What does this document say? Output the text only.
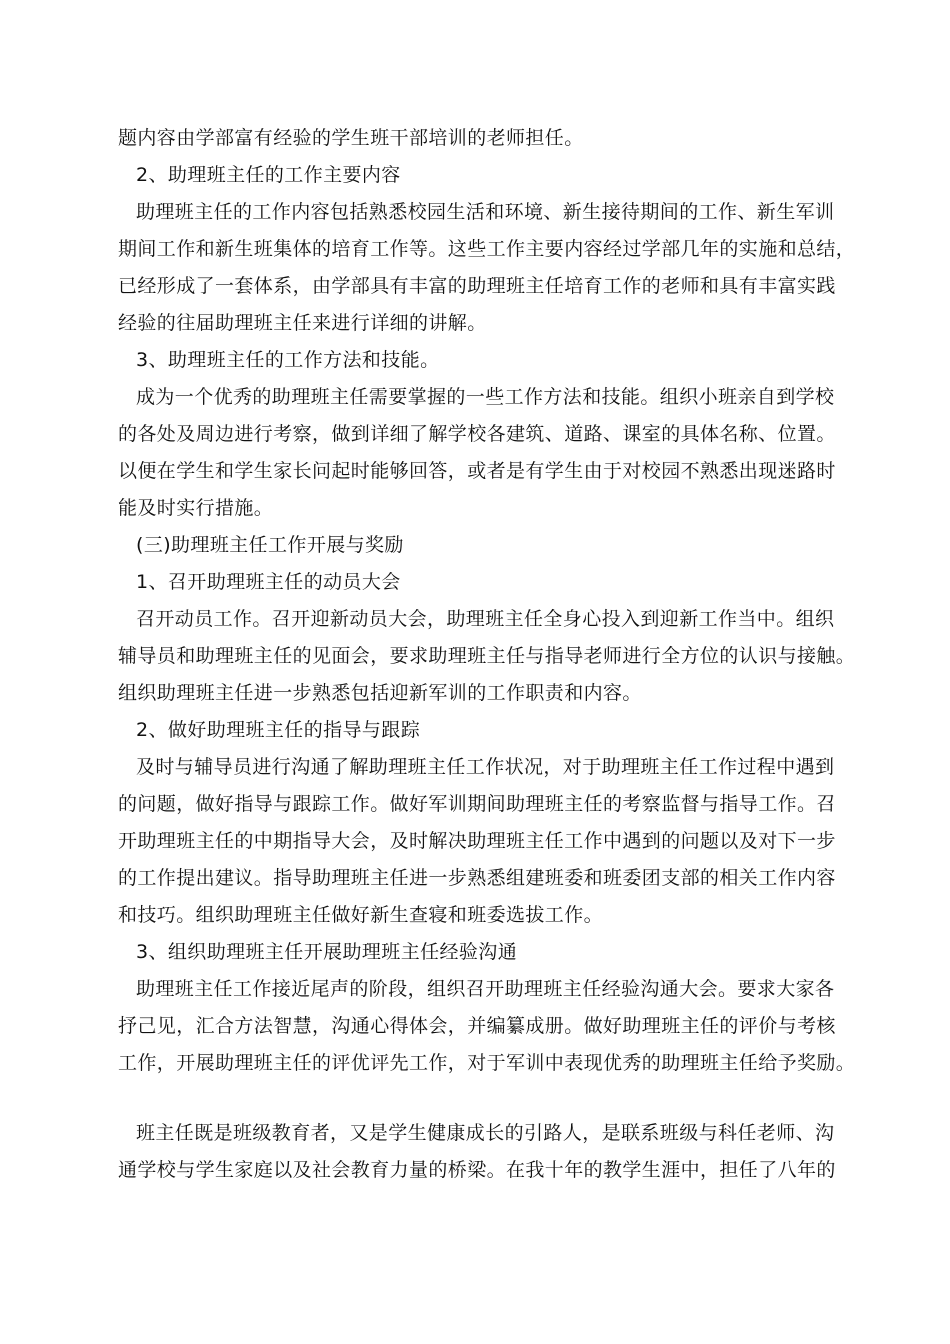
题内容由学部富有经验的学生班干部培训的老师担任。

2、助理班主任的工作主要内容

助理班主任的工作内容包括熟悉校园生活和环境、新生接待期间的工作、新生军训

期间工作和新生班集体的培育工作等。这些工作主要内容经过学部几年的实施和总结，

已经形成了一套体系，由学部具有丰富的助理班主任培育工作的老师和具有丰富实践

经验的往届助理班主任来进行详细的讲解。

3、助理班主任的工作方法和技能。

成为一个优秀的助理班主任需要掌握的一些工作方法和技能。组织小班亲自到学校

的各处及周边进行考察，做到详细了解学校各建筑、道路、课室的具体名称、位置。

以便在学生和学生家长问起时能够回答，或者是有学生由于对校园不熟悉出现迷路时

能及时实行措施。

(三)助理班主任工作开展与奖励

1、召开助理班主任的动员大会

召开动员工作。召开迎新动员大会，助理班主任全身心投入到迎新工作当中。组织

辅导员和助理班主任的见面会，要求助理班主任与指导老师进行全方位的认识与接触。

组织助理班主任进一步熟悉包括迎新军训的工作职责和内容。

2、做好助理班主任的指导与跟踪

及时与辅导员进行沟通了解助理班主任工作状况，对于助理班主任工作过程中遇到

的问题，做好指导与跟踪工作。做好军训期间助理班主任的考察监督与指导工作。召

开助理班主任的中期指导大会，及时解决助理班主任工作中遇到的问题以及对下一步

的工作提出建议。指导助理班主任进一步熟悉组建班委和班委团支部的相关工作内容

和技巧。组织助理班主任做好新生查寝和班委选拔工作。

3、组织助理班主任开展助理班主任经验沟通

助理班主任工作接近尾声的阶段，组织召开助理班主任经验沟通大会。要求大家各

抒己见，汇合方法智慧，沟通心得体会，并编纂成册。做好助理班主任的评价与考核

工作，开展助理班主任的评优评先工作，对于军训中表现优秀的助理班主任给予奖励。

班主任既是班级教育者，又是学生健康成长的引路人，是联系班级与科任老师、沟

通学校与学生家庭以及社会教育力量的桥梁。在我十年的教学生涯中，担任了八年的
